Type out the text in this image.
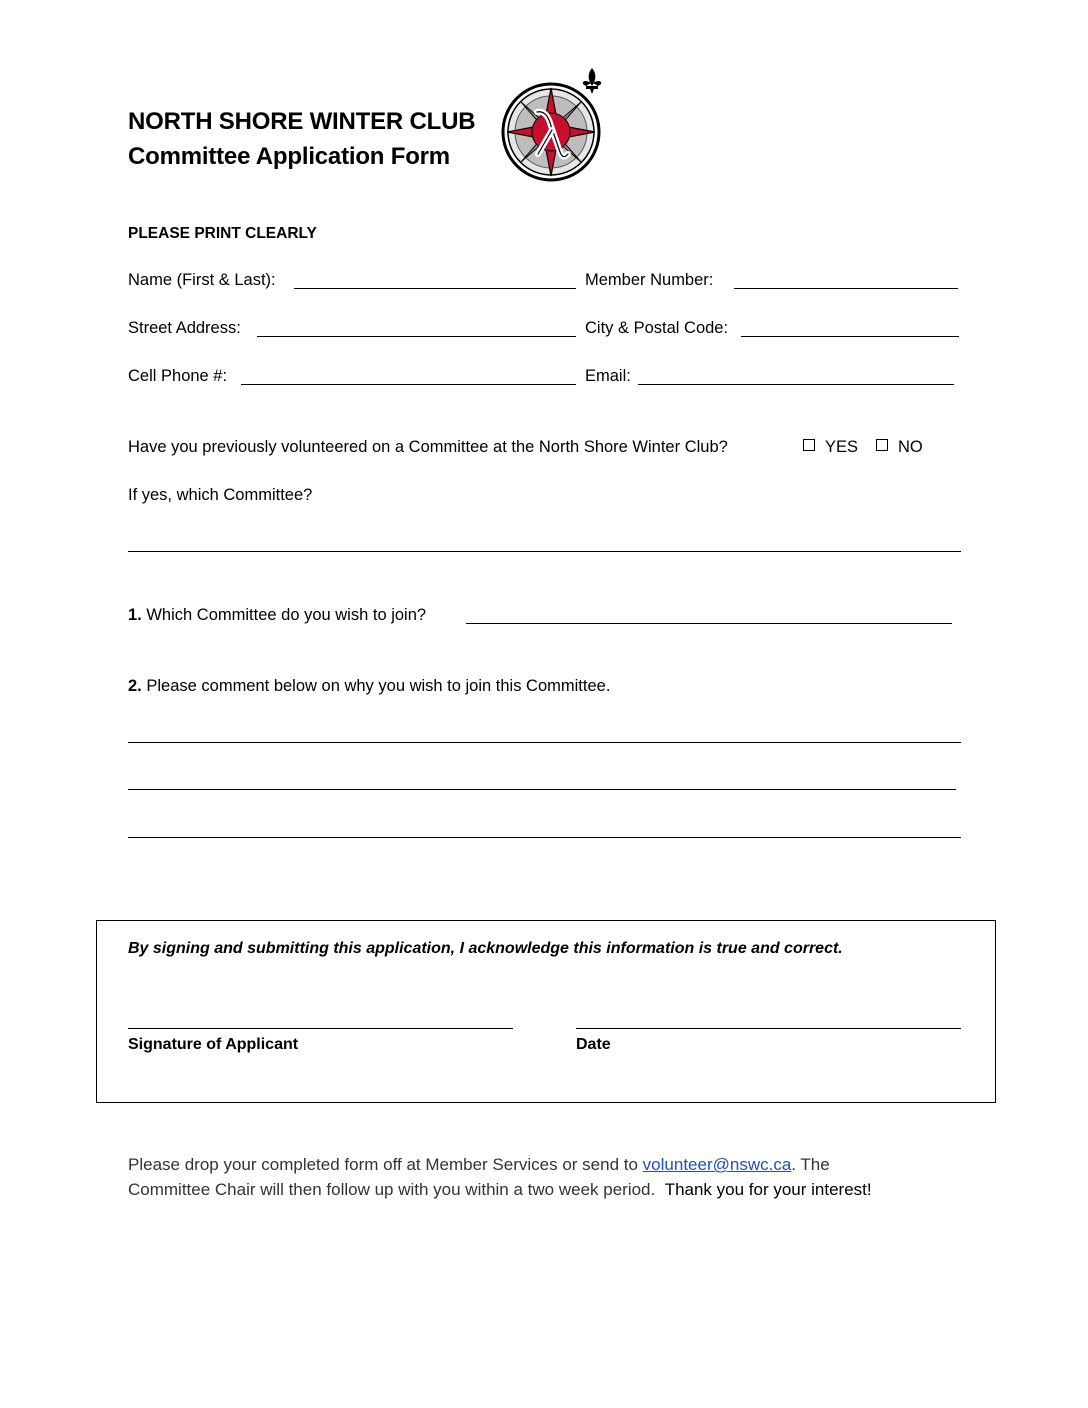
NORTH SHORE WINTER CLUB
Committee Application Form
PLEASE PRINT CLEARLY
Name (First & Last):	Member Number:
Street Address:	City & Postal Code:
Cell Phone #:	Email:
Have you previously volunteered on a Committee at the North Shore Winter Club?	YES	NO
If yes, which Committee?
1. Which Committee do you wish to join?
2. Please comment below on why you wish to join this Committee.
By signing and submitting this application, I acknowledge this information is true and correct.
Signature of Applicant	Date
Please drop your completed form off at Member Services or send to volunteer@nswc.ca. The
Committee Chair will then follow up with you within a two week period. Thank you for your interest!
